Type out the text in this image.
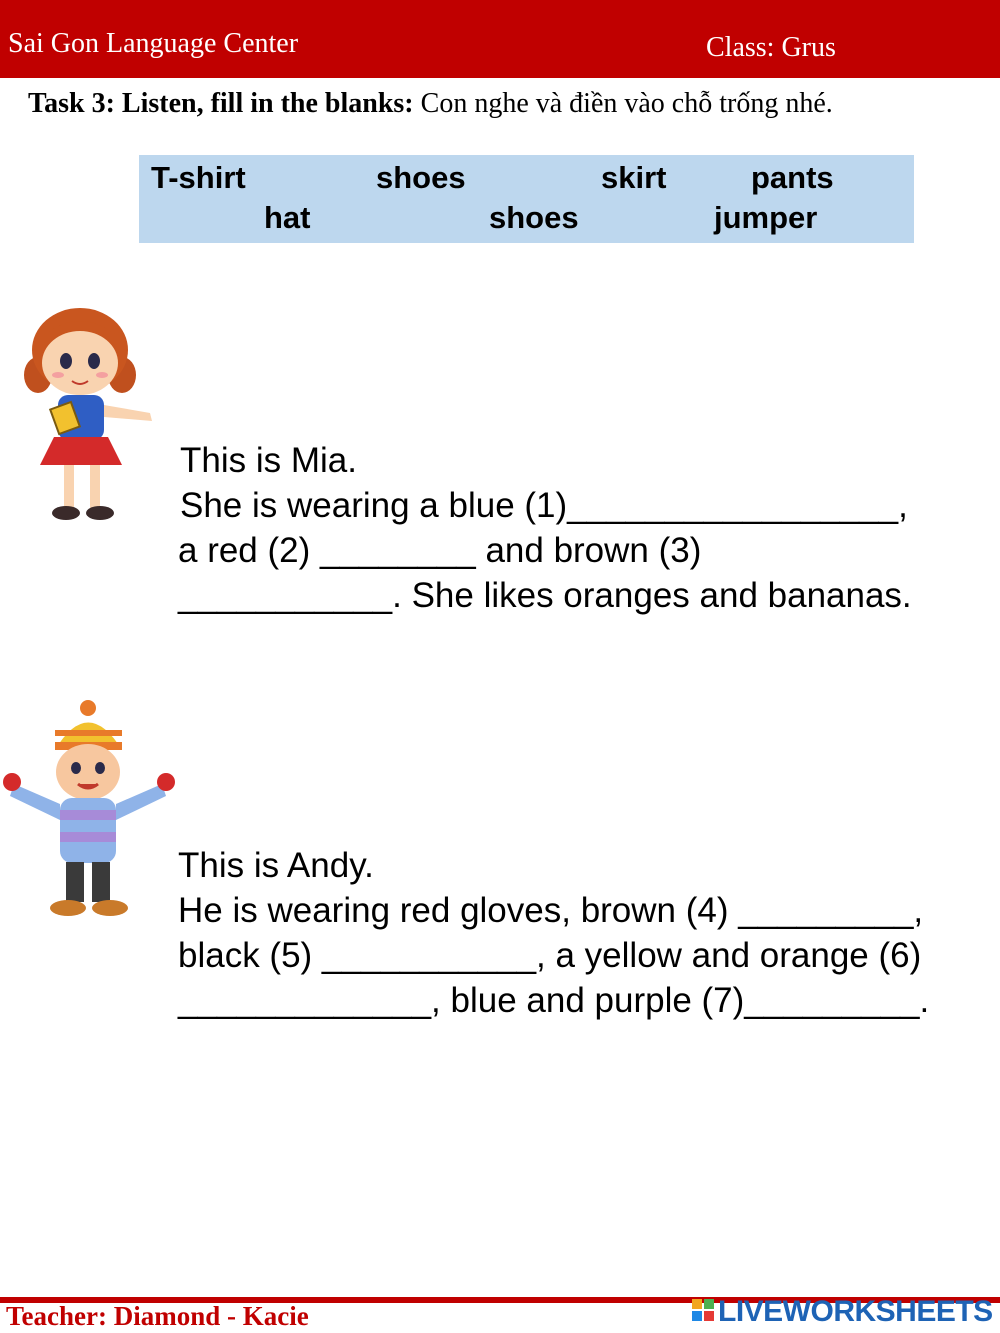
Sai Gon Language Center	Class: Grus
Task 3: Listen, fill in the blanks: Con nghe và điền vào chỗ trống nhé.
T-shirt	shoes	skirt	pants
hat	shoes	jumper
This is Mia.
She is wearing a blue (1)_________________,
a red (2) ________ and brown (3)
___________. She likes oranges and bananas.
This is Andy.
He is wearing red gloves, brown (4) _________,
black (5) ___________, a yellow and orange (6)
_____________, blue and purple (7)_________.
Teacher: Diamond - Kacie	LIVEWORKSHEETS
